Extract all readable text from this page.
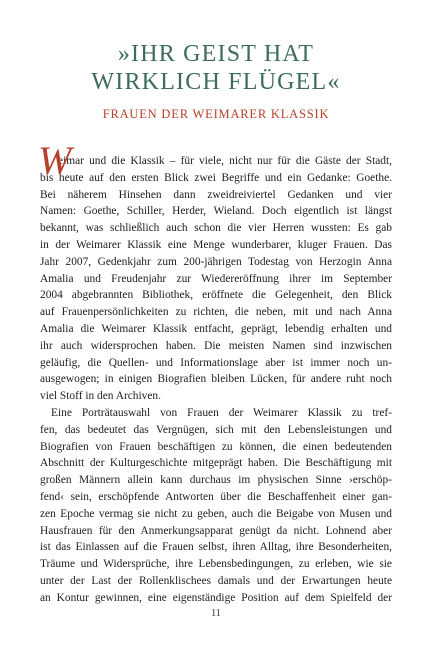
»IHR GEIST HAT
WIRKLICH FLÜGEL«
FRAUEN DER WEIMARER KLASSIK
W
eimar und die Klassik – für viele, nicht nur für die Gäste der Stadt,
bis heute auf den ersten Blick zwei Begriffe und ein Gedanke: Goethe.
Bei näherem Hinsehen dann zweidreiviertel Gedanken und vier
Namen: Goethe, Schiller, Herder, Wieland. Doch eigentlich ist längst
bekannt, was schließlich auch schon die vier Herren wussten: Es gab
in der Weimarer Klassik eine Menge wunderbarer, kluger Frauen. Das
Jahr 2007, Gedenkjahr zum 200-jährigen Todestag von Herzogin Anna
Amalia und Freudenjahr zur Wiedereröffnung ihrer im September
2004 abgebrannten Bibliothek, eröffnete die Gelegenheit, den Blick
auf Frauenpersönlichkeiten zu richten, die neben, mit und nach Anna
Amalia die Weimarer Klassik entfacht, geprägt, lebendig erhalten und
ihr auch widersprochen haben. Die meisten Namen sind inzwischen
geläufig, die Quellen- und Informationslage aber ist immer noch un-
ausgewogen; in einigen Biografien bleiben Lücken, für andere ruht noch
viel Stoff in den Archiven.
Eine Porträtauswahl von Frauen der Weimarer Klassik zu tref-
fen, das bedeutet das Vergnügen, sich mit den Lebensleistungen und
Biografien von Frauen beschäftigen zu können, die einen bedeutenden
Abschnitt der Kulturgeschichte mitgeprägt haben. Die Beschäftigung mit
großen Männern allein kann durchaus im physischen Sinne ›erschöp-
fend‹ sein, erschöpfende Antworten über die Beschaffenheit einer gan-
zen Epoche vermag sie nicht zu geben, auch die Beigabe von Musen und
Hausfrauen für den Anmerkungsapparat genügt da nicht. Lohnend aber
ist das Einlassen auf die Frauen selbst, ihren Alltag, ihre Besonderheiten,
Träume und Widersprüche, ihre Lebensbedingungen, zu erleben, wie sie
unter der Last der Rollenklischees damals und der Erwartungen heute
an Kontur gewinnen, eine eigenständige Position auf dem Spielfeld der
11
